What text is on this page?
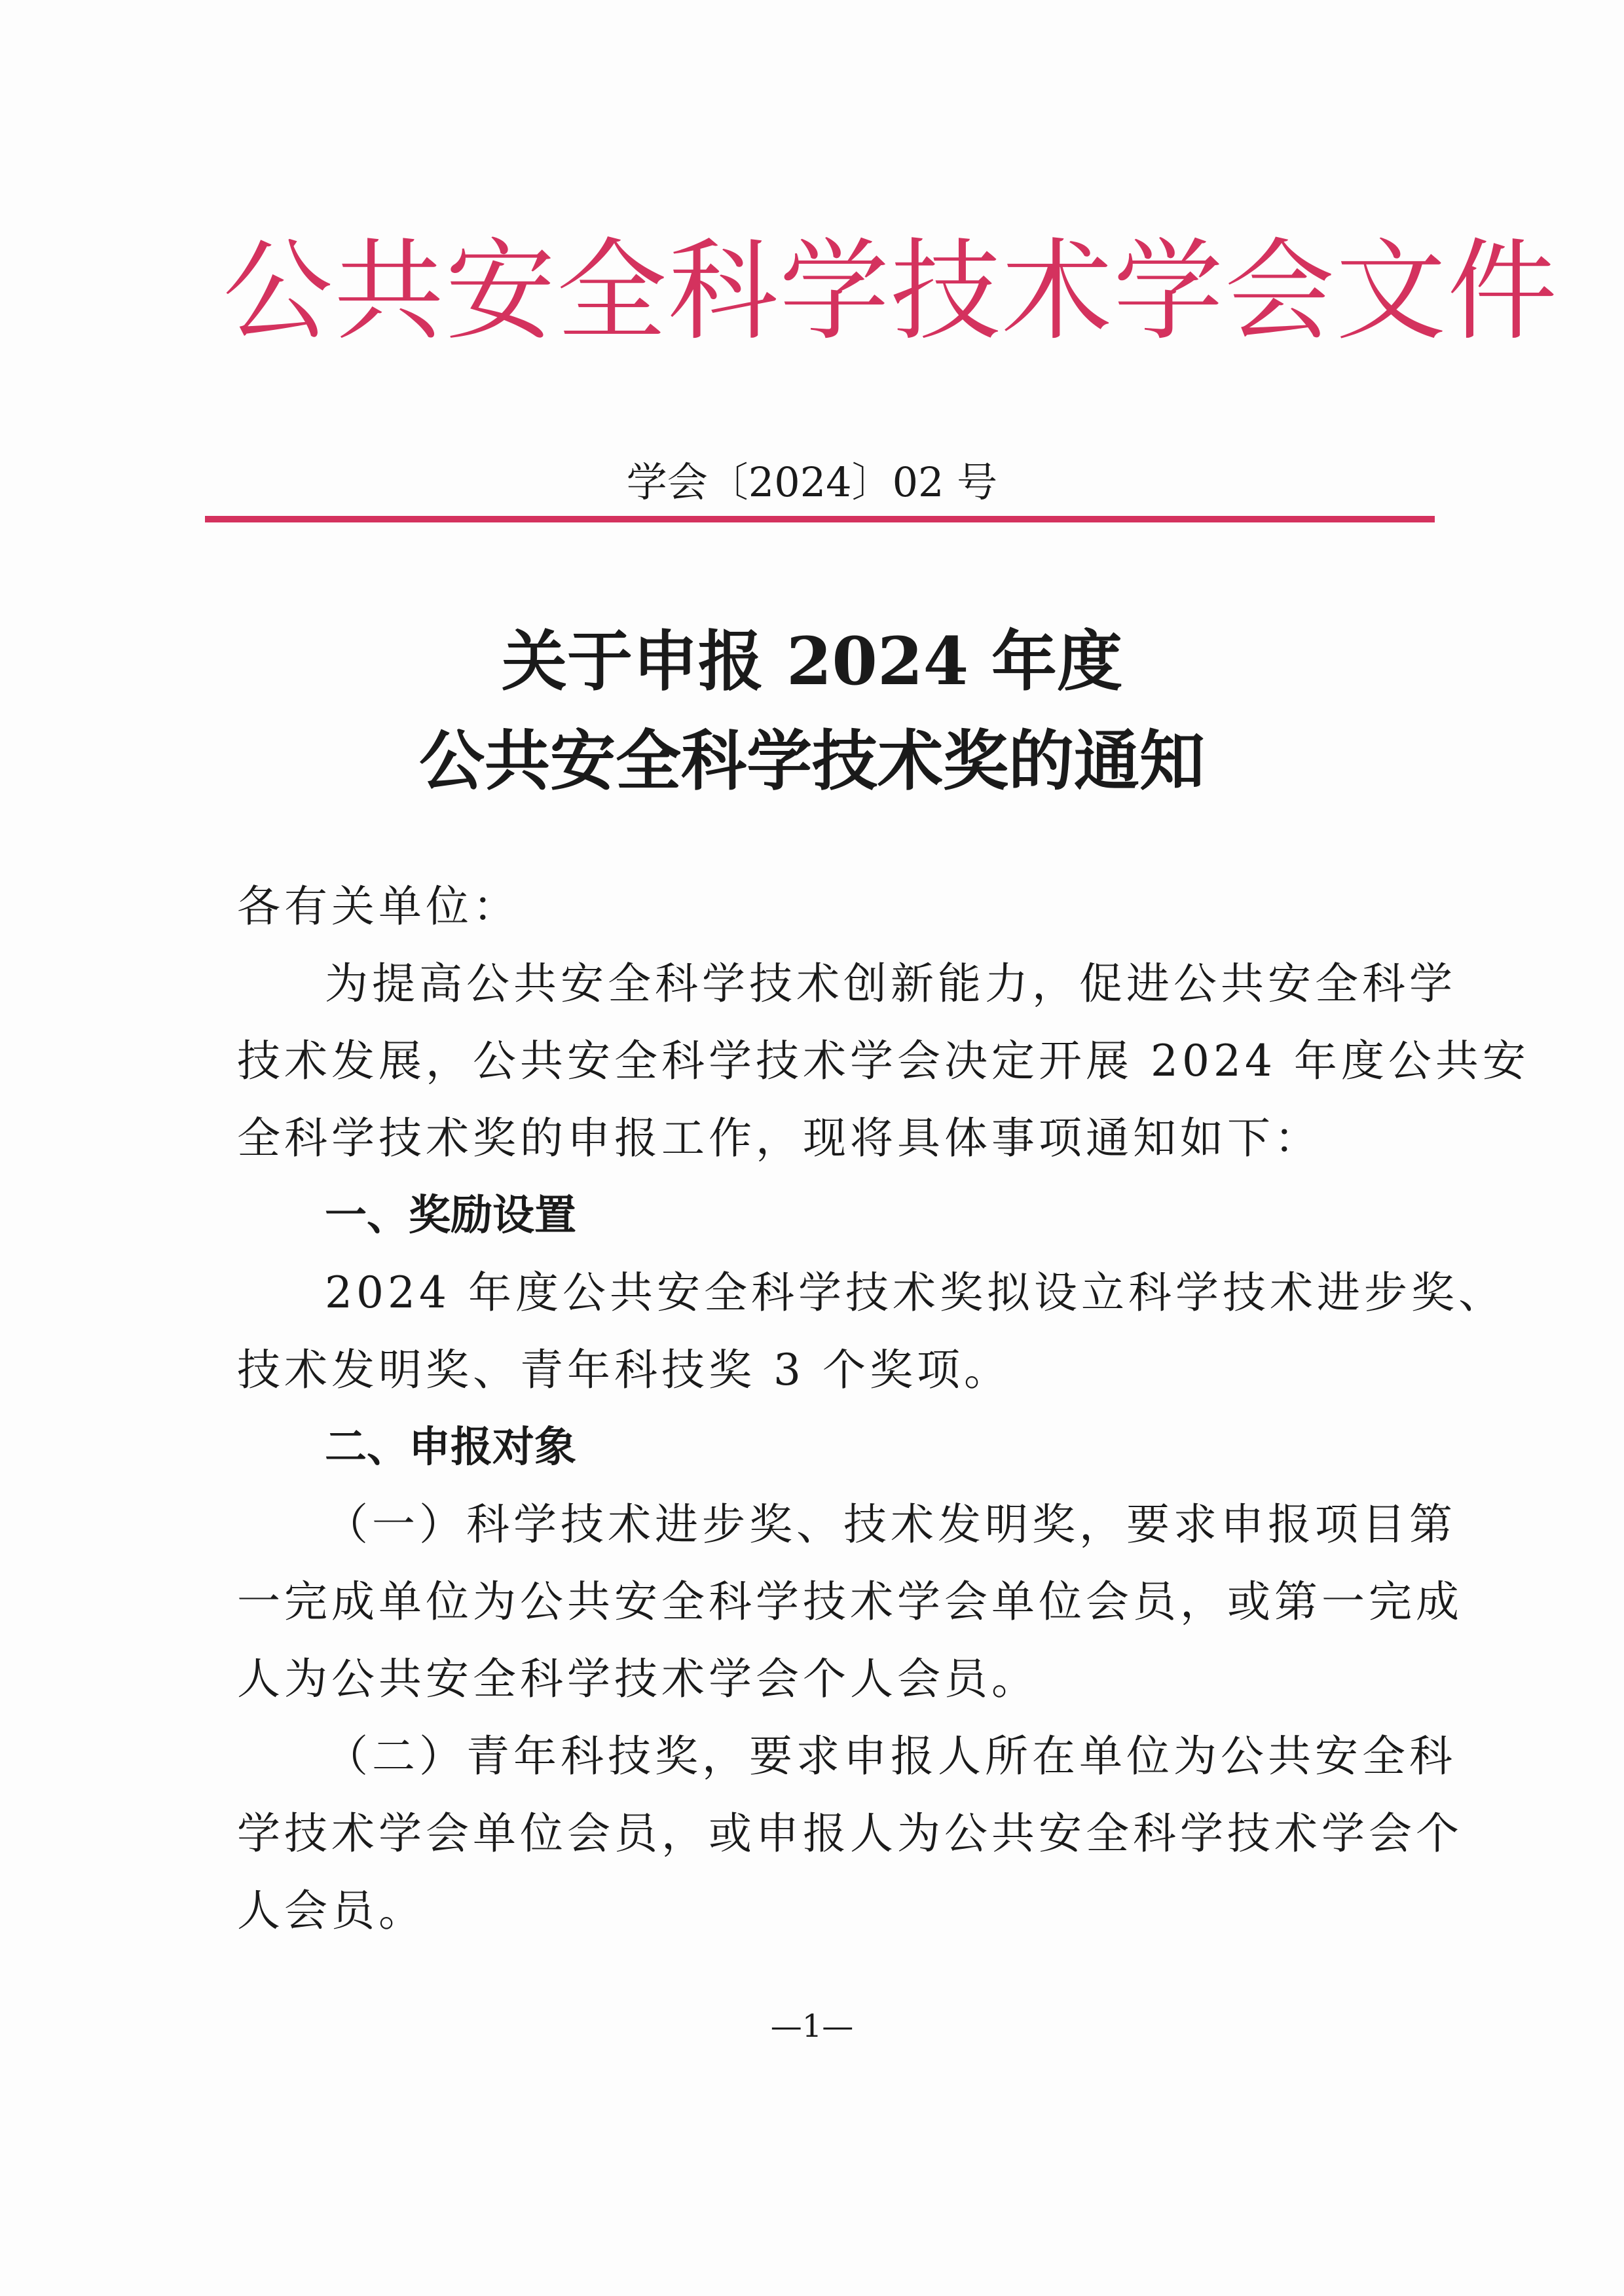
公共安全科学技术学会文件
学会〔2024〕02 号
关于申报 2024 年度
公共安全科学技术奖的通知
各有关单位：
为提高公共安全科学技术创新能力，促进公共安全科学
技术发展，公共安全科学技术学会决定开展 2024 年度公共安
全科学技术奖的申报工作，现将具体事项通知如下：
一、奖励设置
2024 年度公共安全科学技术奖拟设立科学技术进步奖、
技术发明奖、青年科技奖 3 个奖项。
二、申报对象
（一）科学技术进步奖、技术发明奖，要求申报项目第
一完成单位为公共安全科学技术学会单位会员，或第一完成
人为公共安全科学技术学会个人会员。
（二）青年科技奖，要求申报人所在单位为公共安全科
学技术学会单位会员，或申报人为公共安全科学技术学会个
人会员。
—1—
